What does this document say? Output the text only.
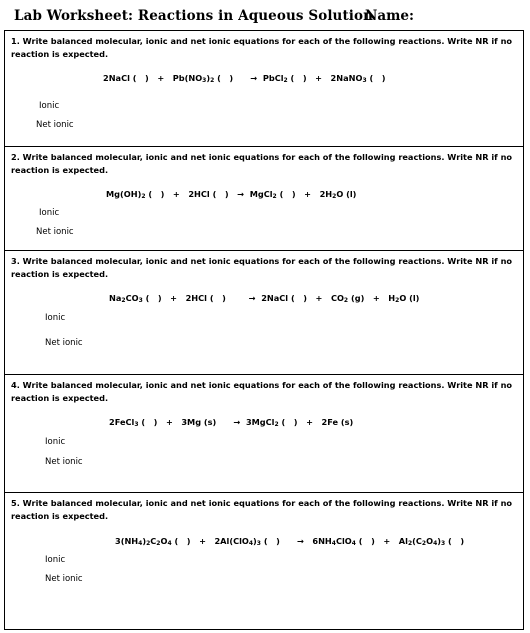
Lab Worksheet: Reactions in Aqueous Solution
Name:
1. Write balanced molecular, ionic and net ionic equations for each of the following reactions. Write NR if no reaction is expected.
2NaCl (   )   +   $Pb(NO_3)_2$ (   )      →  PbCl$_2$ (   )   +   2NaNO$_3$ (   )
Ionic
Net ionic
2. Write balanced molecular, ionic and net ionic equations for each of the following reactions. Write NR if no reaction is expected.
$Mg(OH)_2$ (   )   +   2HCl (   )   →  MgCl$_2$ (   )   +   $2H_2O$ (l)
Ionic
Net ionic
3. Write balanced molecular, ionic and net ionic equations for each of the following reactions. Write NR if no reaction is expected.
$Na_2CO_3$ (   )   +   2HCl (   )        →  2NaCl (   )   +   $CO_2$ $(g) + H_2O$ (l)
Ionic
Net ionic
4. Write balanced molecular, ionic and net ionic equations for each of the following reactions. Write NR if no reaction is expected.
2FeCl$_3$ (   )   +   3Mg (s)      →  3MgCl$_2$ (   )   +   2Fe (s)
Ionic
Net ionic
5. Write balanced molecular, ionic and net ionic equations for each of the following reactions. Write NR if no reaction is expected.
$3(NH_4)_2C_2O_4$ (   )   +   $2Al(ClO_4)_3$ (   )      →   $6NH_4ClO_4$ (   )   +   $Al_2(C_2O_4)_3$ (   )
Ionic
Net ionic
